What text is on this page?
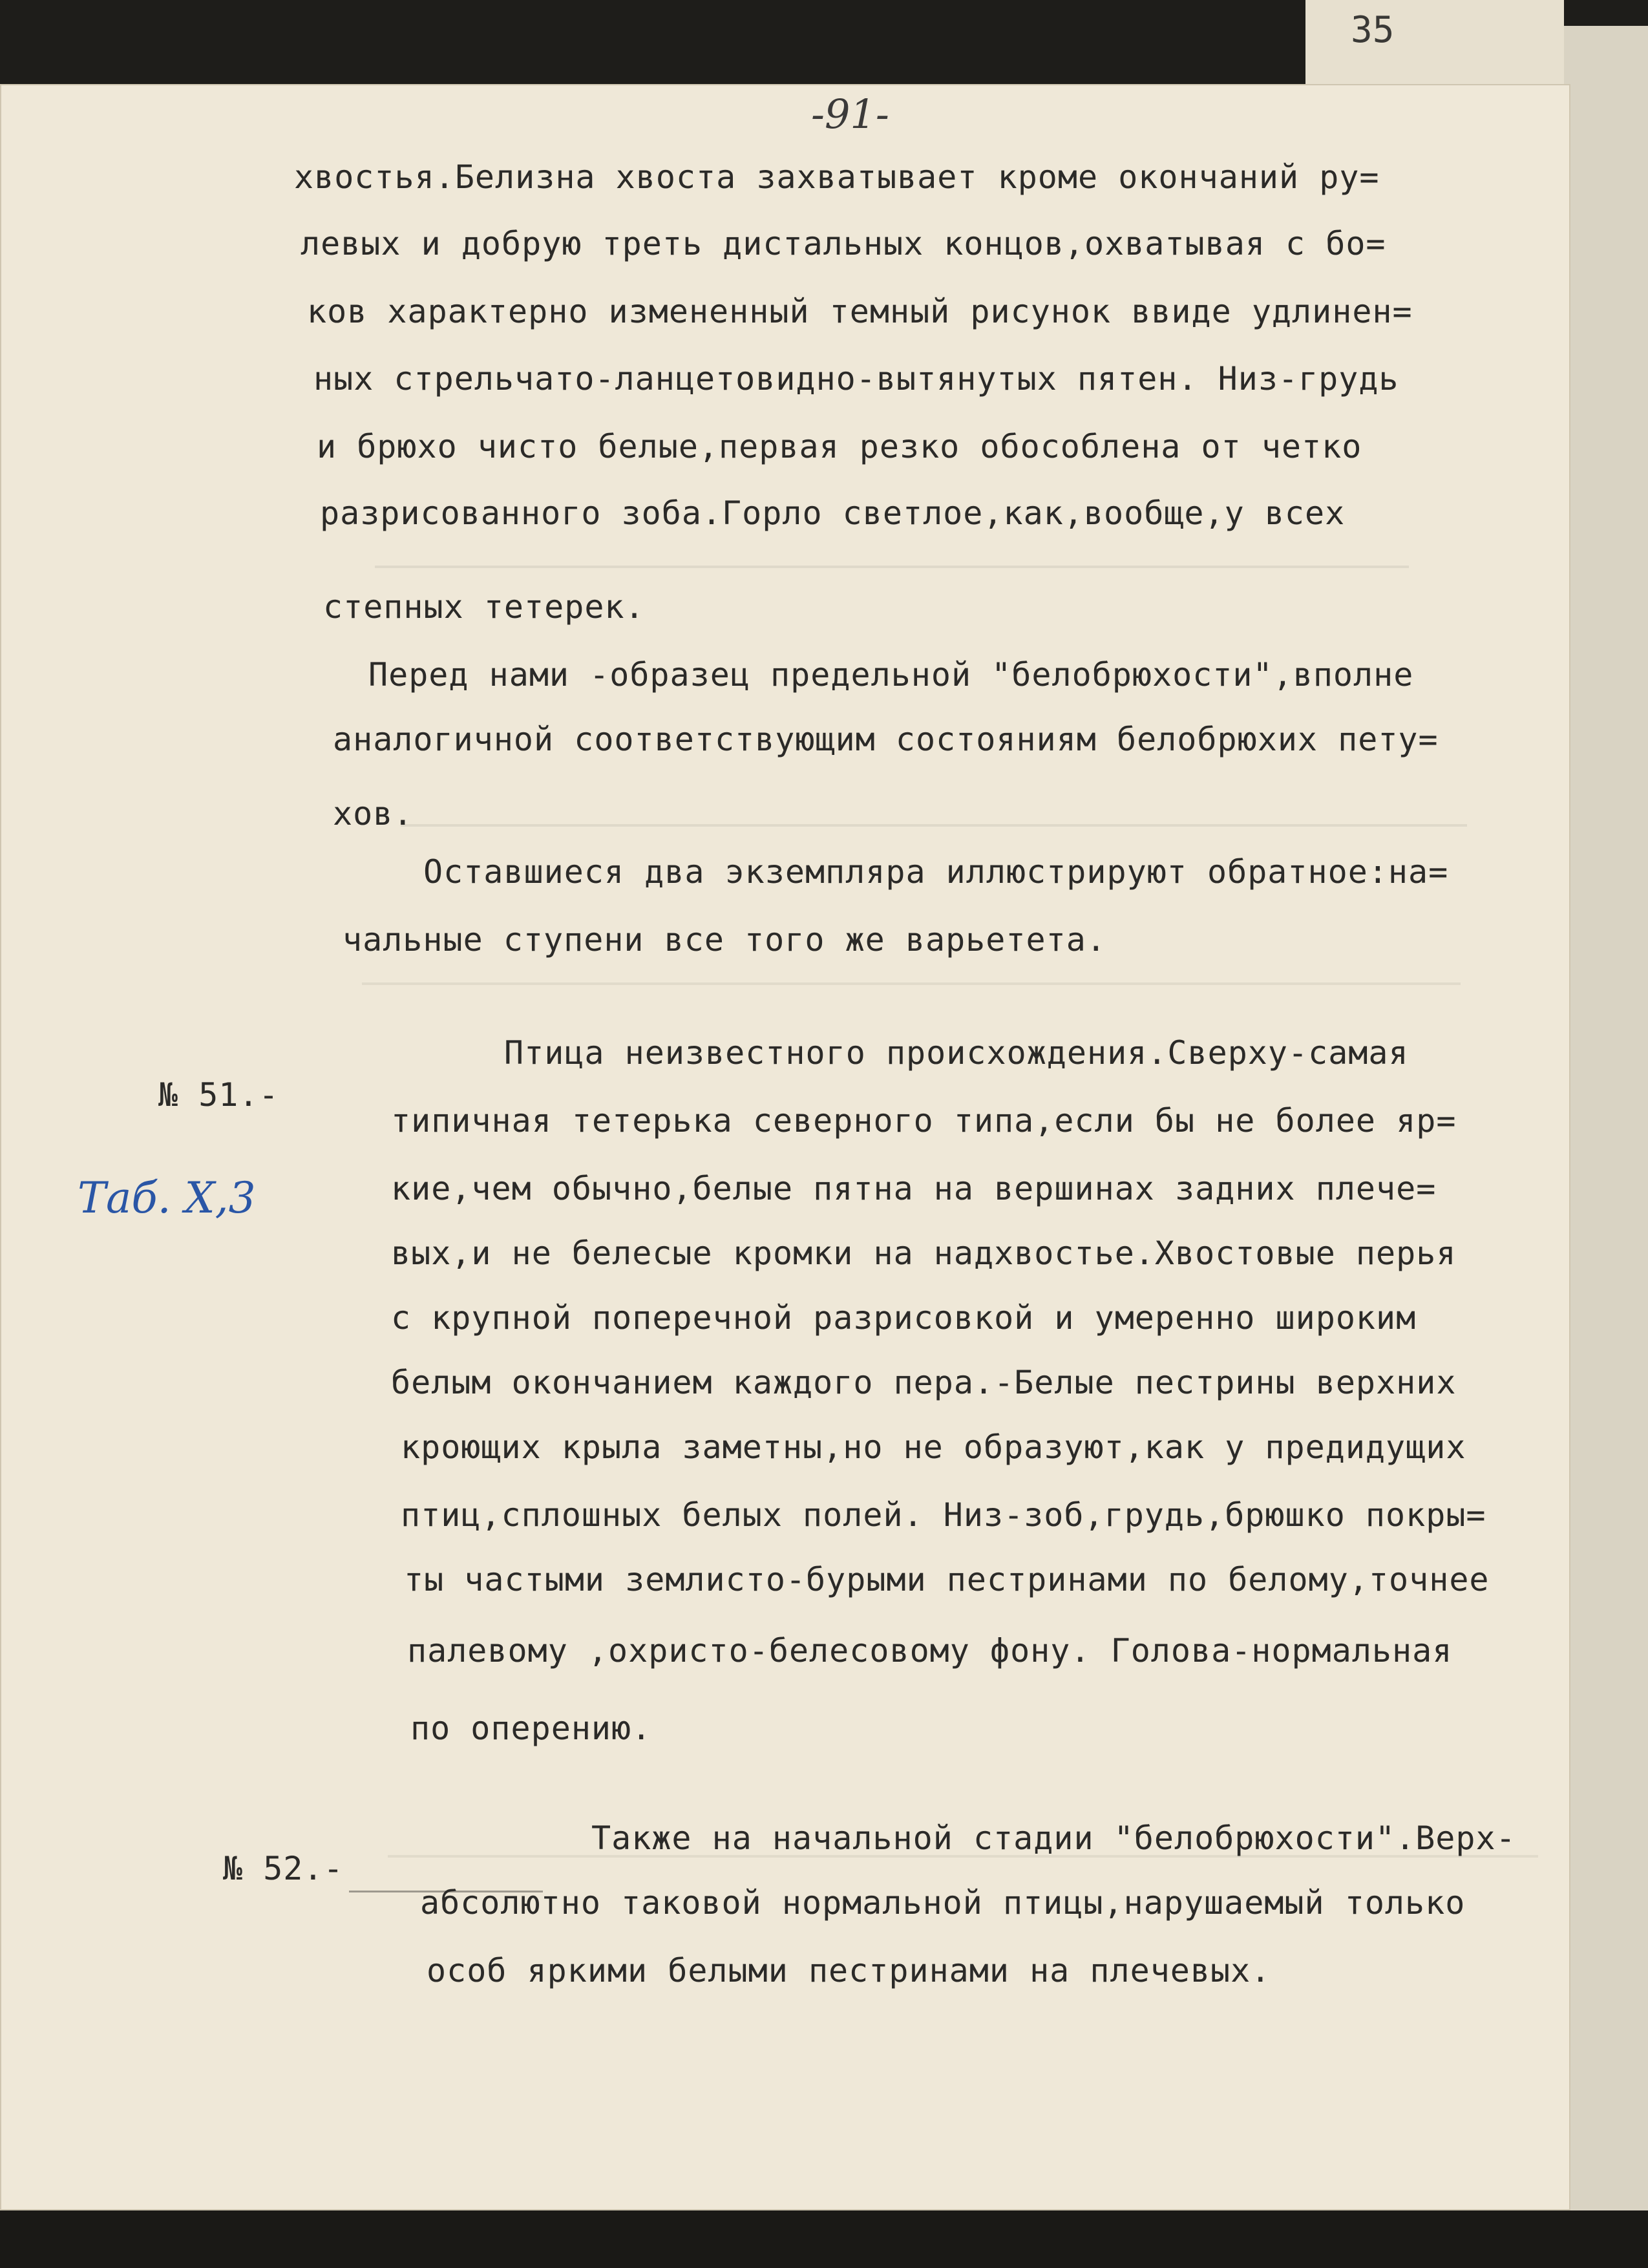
35
-91-
хвостья.Белизна хвоста захватывает кроме окончаний ру=
левых и добрую треть дистальных концов,охватывая с бо=
ков характерно измененный темный рисунок ввиде удлинен=
ных стрельчато-ланцетовидно-вытянутых пятен. Низ-грудь
и брюхо чисто белые,первая резко обособлена от четко
разрисованного зоба.Горло светлое,как,вообще,у всех
степных тетерек.
Перед нами -образец предельной "белобрюхости",вполне
аналогичной соответствующим состояниям белобрюхих пету=
хов.
Оставшиеся два экземпляра иллюстрируют обратное:на=
чальные ступени все того же варьетета.
№ 51.-
Таб. X,3
Птица неизвестного происхождения.Сверху-самая
типичная тетерька северного типа,если бы не более яр=
кие,чем обычно,белые пятна на вершинах задних плече=
вых,и не белесые кромки на надхвостье.Хвостовые перья
с крупной поперечной разрисовкой и умеренно широким
белым окончанием каждого пера.-Белые пестрины верхних
кроющих крыла заметны,но не образуют,как у предидущих
птиц,сплошных белых полей. Низ-зоб,грудь,брюшко покры=
ты частыми землисто-бурыми пестринами по белому,точнее
палевому ,охристо-белесовому фону. Голова-нормальная
по оперению.
№ 52.-
Также на начальной стадии "белобрюхости".Верх-
абсолютно таковой нормальной птицы,нарушаемый только
особ яркими белыми пестринами на плечевых.
